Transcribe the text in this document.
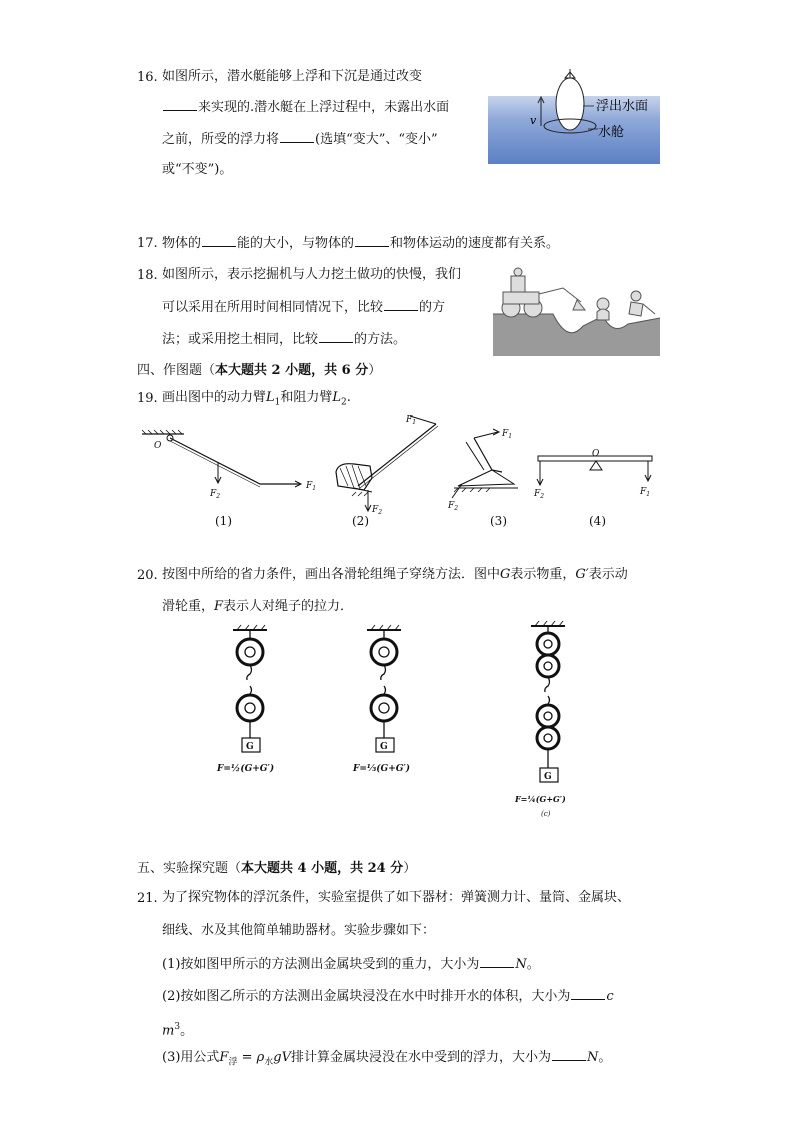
16. 如图所示，潜水艇能够上浮和下沉是通过改变
来实现的.潜水艇在上浮过程中，未露出水面
之前，所受的浮力将	(选填“变大”、“变小”
或“不变”)。
v
浮出水面
水舱
17. 物体的	能的大小，与物体的	和物体运动的速度都有关系。
18. 如图所示，表示挖掘机与人力挖土做功的快慢，我们
可以采用在所用时间相同情况下，比较	的方
法；或采用挖土相同，比较	的方法。
四、作图题（本大题共 2 小题，共 6 分）
19. 画出图中的动力臂$L_1$和阻力臂$L_2$.
O
$F_2$
$F_1$
$F_1$
$F_2$
$F_1$
$F_2$
O
$F_2$	$F_1$
(1)	(2)	(3)	(4)
20. 按图中所给的省力条件，画出各滑轮组绳子穿绕方法．图中G表示物重，G′表示动
滑轮重，F表示人对绳子的拉力．
G
F=½(G+G′)
G
F=⅓(G+G′)
G
F=¼(G+G′)
(c)
五、实验探究题（本大题共 4 小题，共 24 分）
21. 为了探究物体的浮沉条件，实验室提供了如下器材：弹簧测力计、量筒、金属块、
细线、水及其他简单辅助器材。实验步骤如下：
(1)按如图甲所示的方法测出金属块受到的重力，大小为	N。
(2)按如图乙所示的方法测出金属块浸没在水中时排开水的体积，大小为	c
$m^3$。
(3)用公式$F_浮 = \rho_水gV$排计算金属块浸没在水中受到的浮力，大小为	N。
